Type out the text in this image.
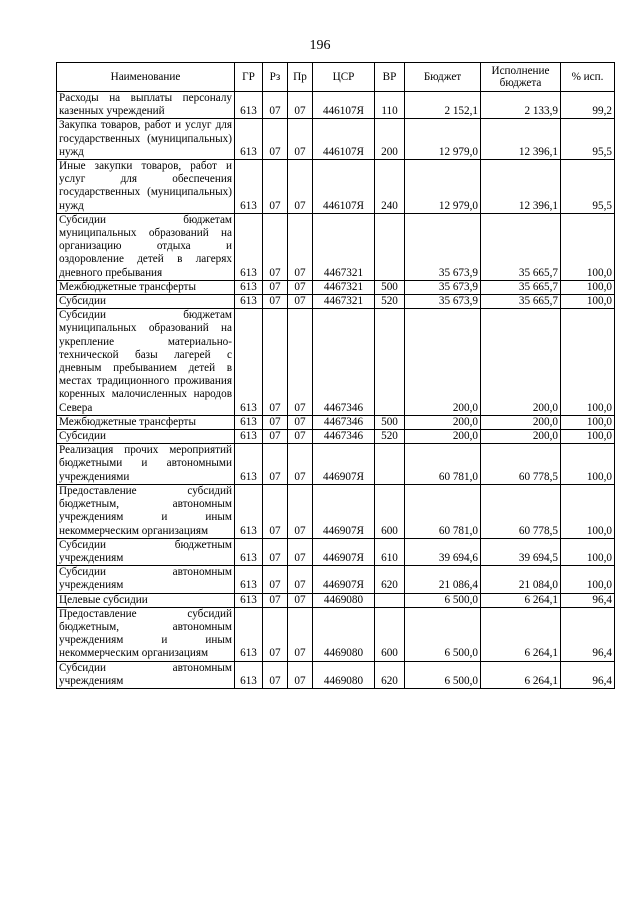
196
Наименование	ГР	Рз	Пр	ЦСР	ВР	Бюджет	Исполнение бюджета	% исп.
Расходы на выплаты персоналу казенных учреждений	613	07	07	446107Я	110	2 152,1	2 133,9	99,2
Закупка товаров, работ и услуг для государственных (муниципальных) нужд	613	07	07	446107Я	200	12 979,0	12 396,1	95,5
Иные закупки товаров, работ и услуг для обеспечения государственных (муниципальных) нужд	613	07	07	446107Я	240	12 979,0	12 396,1	95,5
Субсидии бюджетам муниципальных образований на организацию отдыха и оздоровление детей в лагерях дневного пребывания	613	07	07	4467321		35 673,9	35 665,7	100,0
Межбюджетные трансферты	613	07	07	4467321	500	35 673,9	35 665,7	100,0
Субсидии	613	07	07	4467321	520	35 673,9	35 665,7	100,0
Субсидии бюджетам муниципальных образований на укрепление материально-технической базы лагерей с дневным пребыванием детей в местах традиционного проживания коренных малочисленных народов Севера	613	07	07	4467346		200,0	200,0	100,0
Межбюджетные трансферты	613	07	07	4467346	500	200,0	200,0	100,0
Субсидии	613	07	07	4467346	520	200,0	200,0	100,0
Реализация прочих мероприятий бюджетными и автономными учреждениями	613	07	07	446907Я		60 781,0	60 778,5	100,0
Предоставление субсидий бюджетным, автономным учреждениям и иным некоммерческим организациям	613	07	07	446907Я	600	60 781,0	60 778,5	100,0
Субсидии бюджетным учреждениям	613	07	07	446907Я	610	39 694,6	39 694,5	100,0
Субсидии автономным учреждениям	613	07	07	446907Я	620	21 086,4	21 084,0	100,0
Целевые субсидии	613	07	07	4469080		6 500,0	6 264,1	96,4
Предоставление субсидий бюджетным, автономным учреждениям и иным некоммерческим организациям	613	07	07	4469080	600	6 500,0	6 264,1	96,4
Субсидии автономным учреждениям	613	07	07	4469080	620	6 500,0	6 264,1	96,4
